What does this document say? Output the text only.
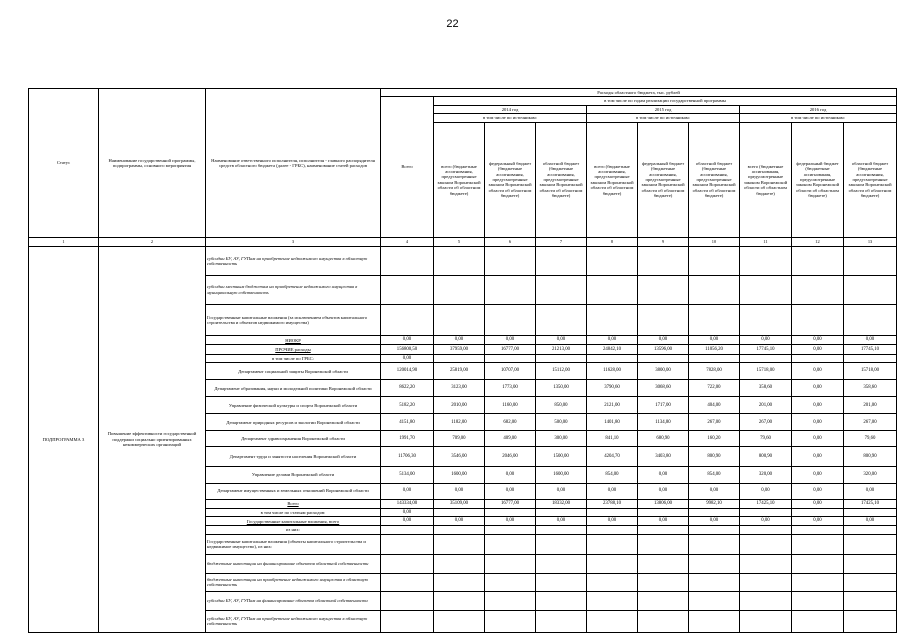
22
Статус	Наименование государственной программы, подпрограммы, основного мероприятия	Наименование ответственного исполнителя, исполнителя - главного распорядителя средств областного бюджета (далее - ГРБС), наименование статей расходов	Расходы областного бюджета, тыс. рублей									
			Всего	в том числе по годам реализации государственной программы								
				2014 год			2015 год			2016 год		
				в том числе по источникам:			в том числе по источникам:			в том числе по источникам:		
				всего (бюджетные ассигнования, предусмотренные законом Воронежской области об областном бюджете)	федеральный бюджет (бюджетные ассигнования, предусмотренные законом Воронежской области об областном бюджете)	областной бюджет (бюджетные ассигнования, предусмотренные законом Воронежской области об областном бюджете)	всего (бюджетные ассигнования, предусмотренные законом Воронежской области об областном бюджете)	федеральный бюджет (бюджетные ассигнования, предусмотренные законом Воронежской области об областном бюджете)	областной бюджет (бюджетные ассигнования, предусмотренные законом Воронежской области об областном бюджете)	всего (бюджетные ассигнования, предусмотренные законом Воронежской области об областном бюджете)	федеральный бюджет (бюджетные ассигнования, предусмотренные законом Воронежской области об областном бюджете)	областной бюджет (бюджетные ассигнования, предусмотренные законом Воронежской области об областном бюджете)
1	2	3	4	5	6	7	8	9	10	11	12	13
ПОДПРОГРАММА 3	Повышение эффективности государственной поддержки социально ориентированных некоммерческих организаций	субсидии БУ, АУ, ГУПам на приобретение недвижимого имущества в областную собственность										
		субсидии местным бюджетам на приобретение недвижимого имущества в муниципальную собственность										
		Государственные капитальные вложения (за исключением объектов капитального строительства и объектов недвижимого имущества)										
		НИОКР	0,00	0,00	0,00	0,00	0,00	0,00	0,00	0,00	0,00	0,00
		ПРОЧИЕ расходы	156800,50	37959,00	16777,00	21213,00	24842,10	13596,00	11056,20	17745,10	0,00	17745,10
		в том числе по ГРБС:	0,00									
		Департамент социальной защиты Воронежской области	120014,90	25819,00	10707,00	15112,00	11628,00	3800,00	7828,00	15718,00	0,00	15718,00
		Департамент образования, науки и молодежной политики Воронежской области	8622,20	3123,00	1773,00	1350,00	3790,60	3068,60	722,00	358,60	0,00	358,60
		Управление физической культуры и спорта Воронежской области	5182,20	2010,00	1160,00	850,00	2121,00	1717,00	404,00	201,00	0,00	201,00
		Департамент природных ресурсов и экологии Воронежской области	4151,80	1182,00	682,00	500,00	1401,80	1134,80	267,00	267,00	0,00	267,00
		Департамент здравоохранения Воронежской области	1991,70	709,00	409,00	300,00	841,10	680,90	160,20	79,60	0,00	79,60
		Департамент труда и занятости населения Воронежской области	11706,30	3546,00	2046,00	1500,00	4204,70	3403,80	800,90	800,90	0,00	800,90
		Управление делами Воронежской области	5134,00	1600,00	0,00	1600,00	854,00	0,00	854,00	320,00	0,00	320,00
		Департамент имущественных и земельных отношений Воронежской области	0,00	0,00	0,00	0,00	0,00	0,00	0,00	0,00	0,00	0,00
		Всего	143334,00	35109,00	16777,00	18332,00	23788,10	13806,00	9982,10	17425,10	0,00	17425,10
		в том числе по статьям расходов:	0,00									
		Государственные капитальные вложения, всего	0,00	0,00	0,00	0,00	0,00	0,00	0,00	0,00	0,00	0,00
		из них:										
		Государственные капитальные вложения (объекты капитального строительства и недвижимое имущество), из них:										
		бюджетные инвестиции на финансирование объектов областной собственности										
		бюджетные инвестиции на приобретение недвижимого имущества в областную собственность										
		субсидии БУ, АУ, ГУПам на финансирование объектов областной собственности										
		субсидии БУ, АУ, ГУПам на приобретение недвижимого имущества в областную собственность										
